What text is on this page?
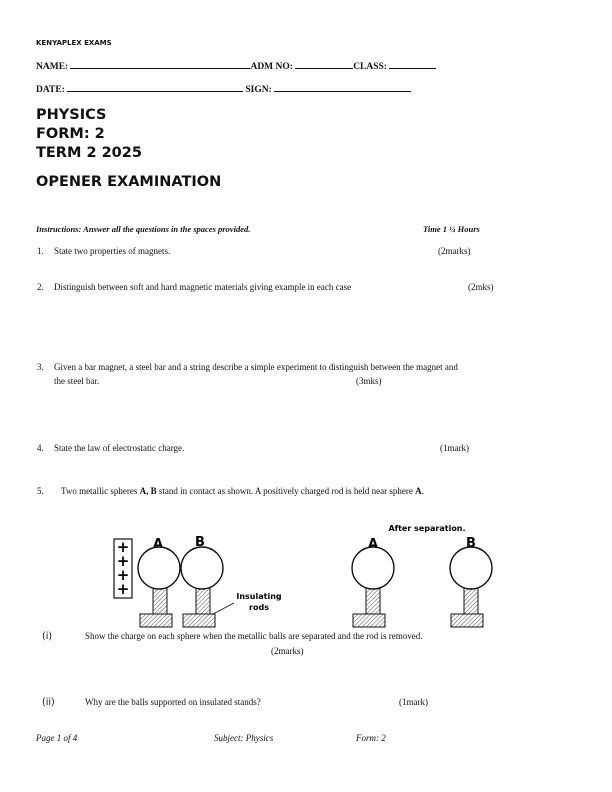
KENYAPLEX EXAMS
NAME:	ADM NO:	CLASS:
DATE:	SIGN:
PHYSICS
FORM: 2
TERM 2 2025
OPENER EXAMINATION
Instructions: Answer all the questions in the spaces provided.	Time 1 ¼ Hours
1. State two properties of magnets.	(2marks)
2. Distinguish between soft and hard magnetic materials giving example in each case	(2mks)
3. Given a bar magnet, a steel bar and a string describe a simple experiment to distinguish between the magnet and
the steel bar.	(3mks)
4. State the law of electrostatic charge.	(1mark)
5. Two metallic spheres A, B stand in contact as shown. A positively charged rod is held near sphere A.
+
+
+
+
A B
Insulating
rods
After separation.
A	B
(i)	Show the charge on each sphere when the metallic balls are separated and the rod is removed.
(2marks)
(ii)	Why are the balls supported on insulated stands?	(1mark)
Page 1 of 4	Subject: Physics	Form: 2
